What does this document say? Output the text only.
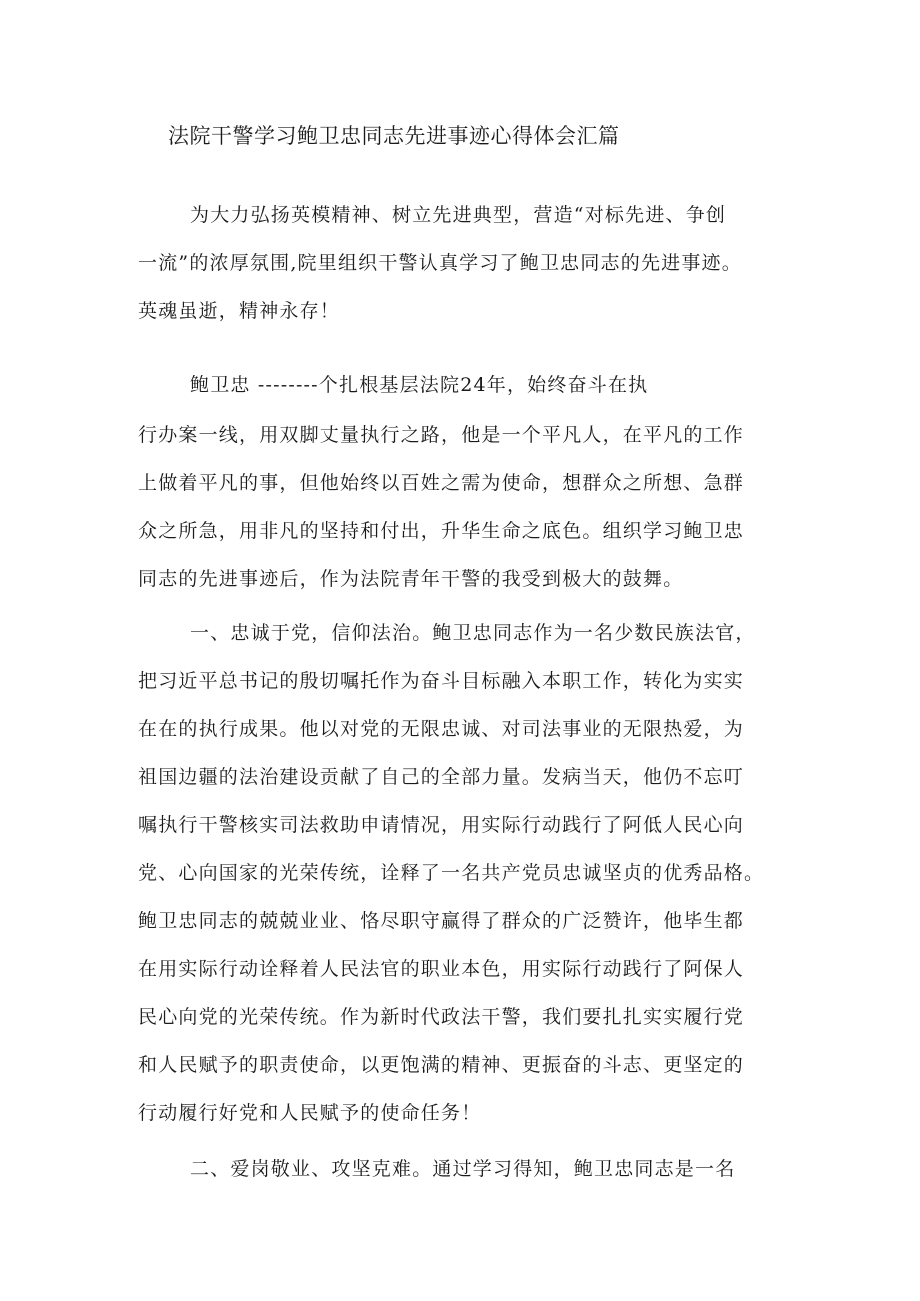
法院干警学习鲍卫忠同志先进事迹心得体会汇篇
为大力弘扬英模精神、树立先进典型，营造“对标先进、争创
一流”的浓厚氛围,院里组织干警认真学习了鲍卫忠同志的先进事迹。
英魂虽逝，精神永存！
鲍卫忠 --------个扎根基层法院24年，始终奋斗在执
行办案一线，用双脚丈量执行之路，他是一个平凡人，在平凡的工作
上做着平凡的事，但他始终以百姓之需为使命，想群众之所想、急群
众之所急，用非凡的坚持和付出，升华生命之底色。组织学习鲍卫忠
同志的先进事迹后，作为法院青年干警的我受到极大的鼓舞。
一、忠诚于党，信仰法治。鲍卫忠同志作为一名少数民族法官，
把习近平总书记的殷切嘱托作为奋斗目标融入本职工作，转化为实实
在在的执行成果。他以对党的无限忠诚、对司法事业的无限热爱，为
祖国边疆的法治建设贡献了自己的全部力量。发病当天，他仍不忘叮
嘱执行干警核实司法救助申请情况，用实际行动践行了阿低人民心向
党、心向国家的光荣传统，诠释了一名共产党员忠诚坚贞的优秀品格。
鲍卫忠同志的兢兢业业、恪尽职守赢得了群众的广泛赞许，他毕生都
在用实际行动诠释着人民法官的职业本色，用实际行动践行了阿保人
民心向党的光荣传统。作为新时代政法干警，我们要扎扎实实履行党
和人民赋予的职责使命，以更饱满的精神、更振奋的斗志、更坚定的
行动履行好党和人民赋予的使命任务！
二、爱岗敬业、攻坚克难。通过学习得知，鲍卫忠同志是一名
